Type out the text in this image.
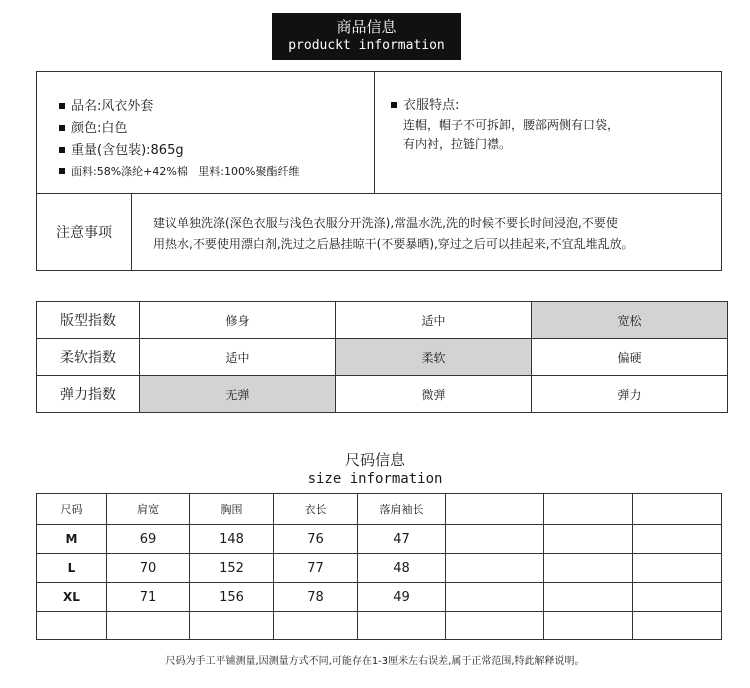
商品信息
produckt information
品名:风衣外套
颜色:白色
重量(含包装):865g
面料:58%涤纶+42%棉   里料:100%聚酯纤维
衣服特点:
连帽，帽子不可拆卸，腰部两侧有口袋，
有内衬，拉链门襟。
注意事项
建议单独洗涤(深色衣服与浅色衣服分开洗涤),常温水洗,洗的时候不要长时间浸泡,不要使
用热水,不要使用漂白剂,洗过之后悬挂晾干(不要暴晒),穿过之后可以挂起来,不宜乱堆乱放。
版型指数	修身	适中	宽松
柔软指数	适中	柔软	偏硬
弹力指数	无弹	微弹	弹力
尺码信息
size information
尺码	肩宽	胸围	衣长	落肩袖长			
M	69	148	76	47			
L	70	152	77	48			
XL	71	156	78	49			

尺码为手工平铺测量,因测量方式不同,可能存在1-3厘米左右误差,属于正常范围,特此解释说明。
